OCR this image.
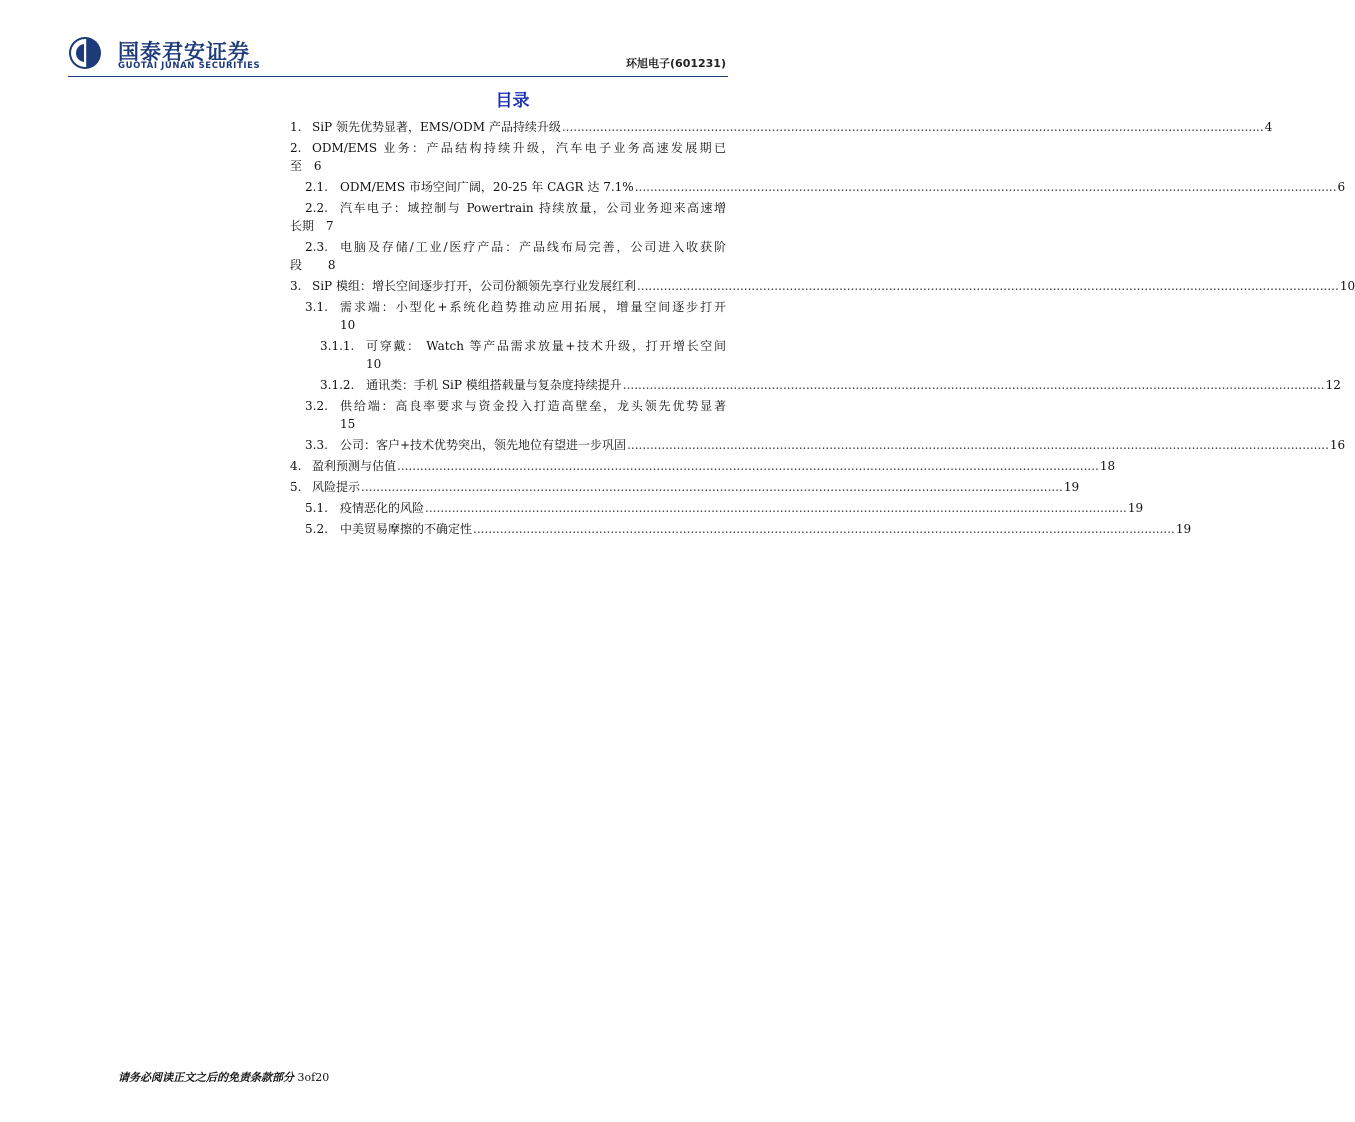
国泰君安证券
GUOTAI JUNAN SECURITIES	环旭电子(601231)
目录
1. SiP 领先优势显著，EMS/ODM 产品持续升级 .....	4
2. ODM/EMS 业务：产品结构持续升级，汽车电子业务高速发展期已
至 6
2.1.	ODM/EMS 市场空间广阔，20-25 年 CAGR 达 7.1% .....	6
2.2.	汽车电子：域控制与 Powertrain 持续放量，公司业务迎来高速增
长期 7
2.3.	电脑及存储/工业/医疗产品：产品线布局完善，公司进入收获阶
段 8
3. SiP 模组：增长空间逐步打开，公司份额领先享行业发展红利 .....	10
3.1.	需求端：小型化+系统化趋势推动应用拓展，增量空间逐步打开
10
3.1.1. 可穿戴： Watch 等产品需求放量+技术升级，打开增长空间
10
3.1.2. 通讯类：手机 SiP 模组搭载量与复杂度持续提升 .....	12
3.2.	供给端：高良率要求与资金投入打造高壁垒，龙头领先优势显著
15
3.3.	公司：客户+技术优势突出，领先地位有望进一步巩固 .....	16
4. 盈利预测与估值 .....	18
5. 风险提示 .....	19
5.1.	疫情恶化的风险 .....	19
5.2.	中美贸易摩擦的不确定性 .....	19
请务必阅读正文之后的免责条款部分 3of20
